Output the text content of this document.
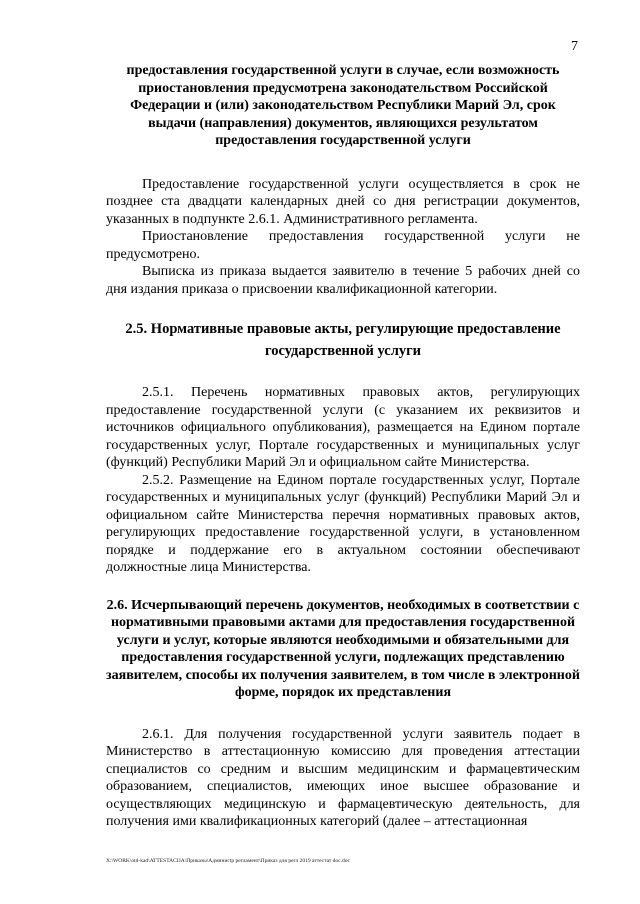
7

предоставления государственной услуги в случае, если возможность приостановления предусмотрена законодательством Российской Федерации и (или) законодательством Республики Марий Эл, срок выдачи (направления) документов, являющихся результатом предоставления государственной услуги

Предоставление государственной услуги осуществляется в срок не позднее ста двадцати календарных дней со дня регистрации документов, указанных в подпункте 2.6.1. Административного регламента.

Приостановление предоставления государственной услуги не предусмотрено.

Выписка из приказа выдается заявителю в течение 5 рабочих дней со дня издания приказа о присвоении квалификационной категории.

2.5. Нормативные правовые акты, регулирующие предоставление государственной услуги

2.5.1. Перечень нормативных правовых актов, регулирующих предоставление государственной услуги (с указанием их реквизитов и источников официального опубликования), размещается на Едином портале государственных услуг, Портале государственных и муниципальных услуг (функций) Республики Марий Эл и официальном сайте Министерства.

2.5.2. Размещение на Едином портале государственных услуг, Портале государственных и муниципальных услуг (функций) Республики Марий Эл и официальном сайте Министерства перечня нормативных правовых актов, регулирующих предоставление государственной услуги, в установленном порядке и поддержание его в актуальном состоянии обеспечивают должностные лица Министерства.

2.6. Исчерпывающий перечень документов, необходимых в соответствии с нормативными правовыми актами для предоставления государственной услуги и услуг, которые являются необходимыми и обязательными для предоставления государственной услуги, подлежащих представлению заявителем, способы их получения заявителем, в том числе в электронной форме, порядок их представления

2.6.1. Для получения государственной услуги заявитель подает в Министерство в аттестационную комиссию для проведения аттестации специалистов со средним и высшим медицинским и фармацевтическим образованием, специалистов, имеющих иное высшее образование и осуществляющих медицинскую и фармацевтическую деятельность, для получения ими квалификационных категорий (далее – аттестационная

X:\WORK\otd-kad\ATTESTACIJA\Приказы\Админисtр регламент\Приказ для регл 2019 аттестат doc.doc
